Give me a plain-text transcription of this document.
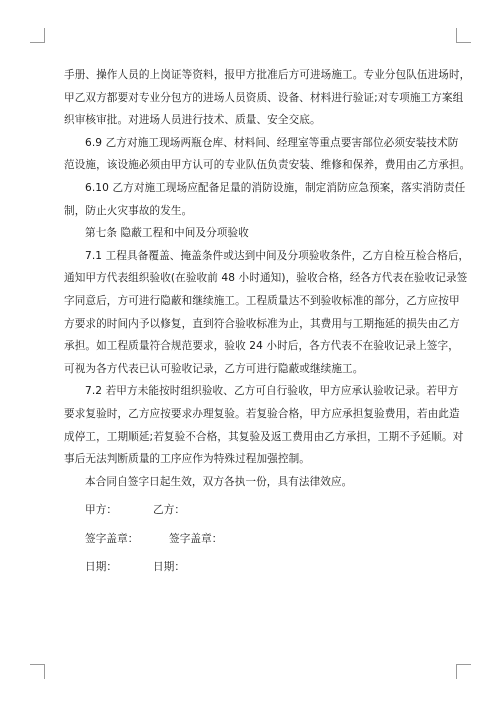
手册、操作人员的上岗证等资料，报甲方批准后方可进场施工。专业分包队伍进场时，
甲乙双方都要对专业分包方的进场人员资质、设备、材料进行验证;对专项施工方案组
织审核审批。对进场人员进行技术、质量、安全交底。
6.9 乙方对施工现场两瓶仓库、材料间、经理室等重点要害部位必须安装技术防
范设施，该设施必须由甲方认可的专业队伍负责安装、维修和保养，费用由乙方承担。
6.10 乙方对施工现场应配备足量的消防设施，制定消防应急预案，落实消防责任
制，防止火灾事故的发生。
第七条 隐蔽工程和中间及分项验收
7.1 工程具备覆盖、掩盖条件或达到中间及分项验收条件，乙方自检互检合格后，
通知甲方代表组织验收(在验收前 48 小时通知)，验收合格，经各方代表在验收记录签
字同意后，方可进行隐蔽和继续施工。工程质量达不到验收标准的部分，乙方应按甲
方要求的时间内予以修复，直到符合验收标准为止，其费用与工期拖延的损失由乙方
承担。如工程质量符合规范要求，验收 24 小时后，各方代表不在验收记录上签字，
可视为各方代表已认可验收记录，乙方可进行隐蔽或继续施工。
7.2 若甲方未能按时组织验收、乙方可自行验收，甲方应承认验收记录。若甲方
要求复验时，乙方应按要求办理复验。若复验合格，甲方应承担复验费用，若由此造
成停工，工期顺延;若复验不合格，其复验及返工费用由乙方承担，工期不予延顺。对
事后无法判断质量的工序应作为特殊过程加强控制。
本合同自签字日起生效，双方各执一份，具有法律效应。
甲方：	乙方：
签字盖章：	签字盖章：
日期：	日期：
